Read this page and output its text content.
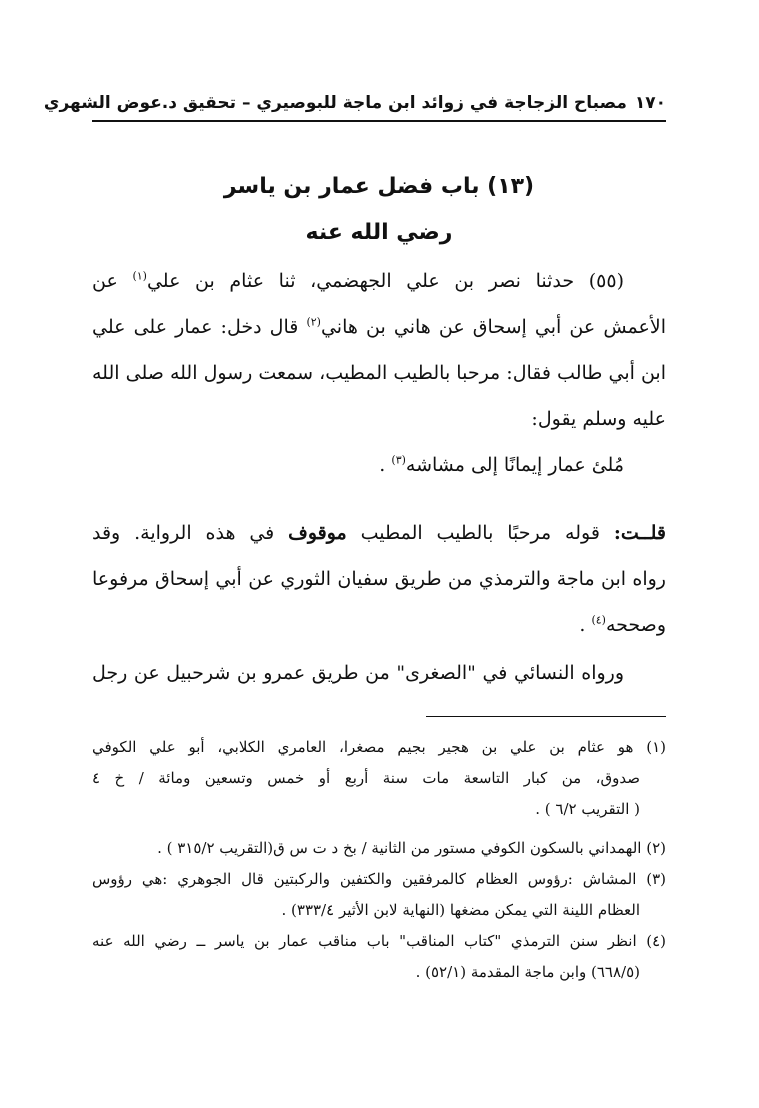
١٧٠مصباح الزجاجة في زوائد ابن ماجة للبوصيري – تحقيق د.عوض الشهري
(١٣) باب فضل عمار بن ياسر
رضي الله عنه
(٥٥) حدثنا نصر بن علي الجهضمي، ثنا عثام بن علي$^{(١)}$ عن
الأعمش عن أبي إسحاق عن هاني بن هاني$^{(٢)}$ قال دخل: عمار على علي
ابن أبي طالب فقال: مرحبا بالطيب المطيب، سمعت رسول الله صلى الله
عليه وسلم يقول:
مُلئ عمار إيمانًا إلى مشاشه$^{(٣)}$ .
قلــت: قوله مرحبًا بالطيب المطيب موقوف في هذه الرواية. وقد
رواه ابن ماجة والترمذي من طريق سفيان الثوري عن أبي إسحاق مرفوعا
وصححه$^{(٤)}$ .
ورواه النسائي في "الصغرى" من طريق عمرو بن شرحبيل عن رجل
(١) هو عثام بن علي بن هجير بجيم مصغرا، العامري الكلابي، أبو علي الكوفي
صدوق، من كبار التاسعة مات سنة أربع أو خمس وتسعين ومائة / خ ٤
( التقريب ٦/٢ ) .
(٢) الهمداني بالسكون الكوفي مستور من الثانية / بخ د ت س ق(التقريب ٣١٥/٢ ) .
(٣) المشاش :رؤوس العظام كالمرفقين والكتفين والركبتين قال الجوهري :هي رؤوس
العظام اللينة التي يمكن مضغها (النهاية لابن الأثير ٣٣٣/٤) .
(٤) انظر سنن الترمذي "كتاب المناقب" باب مناقب عمار بن ياسر ــ رضي الله عنه
(٦٦٨/٥) وابن ماجة المقدمة (٥٢/١) .
